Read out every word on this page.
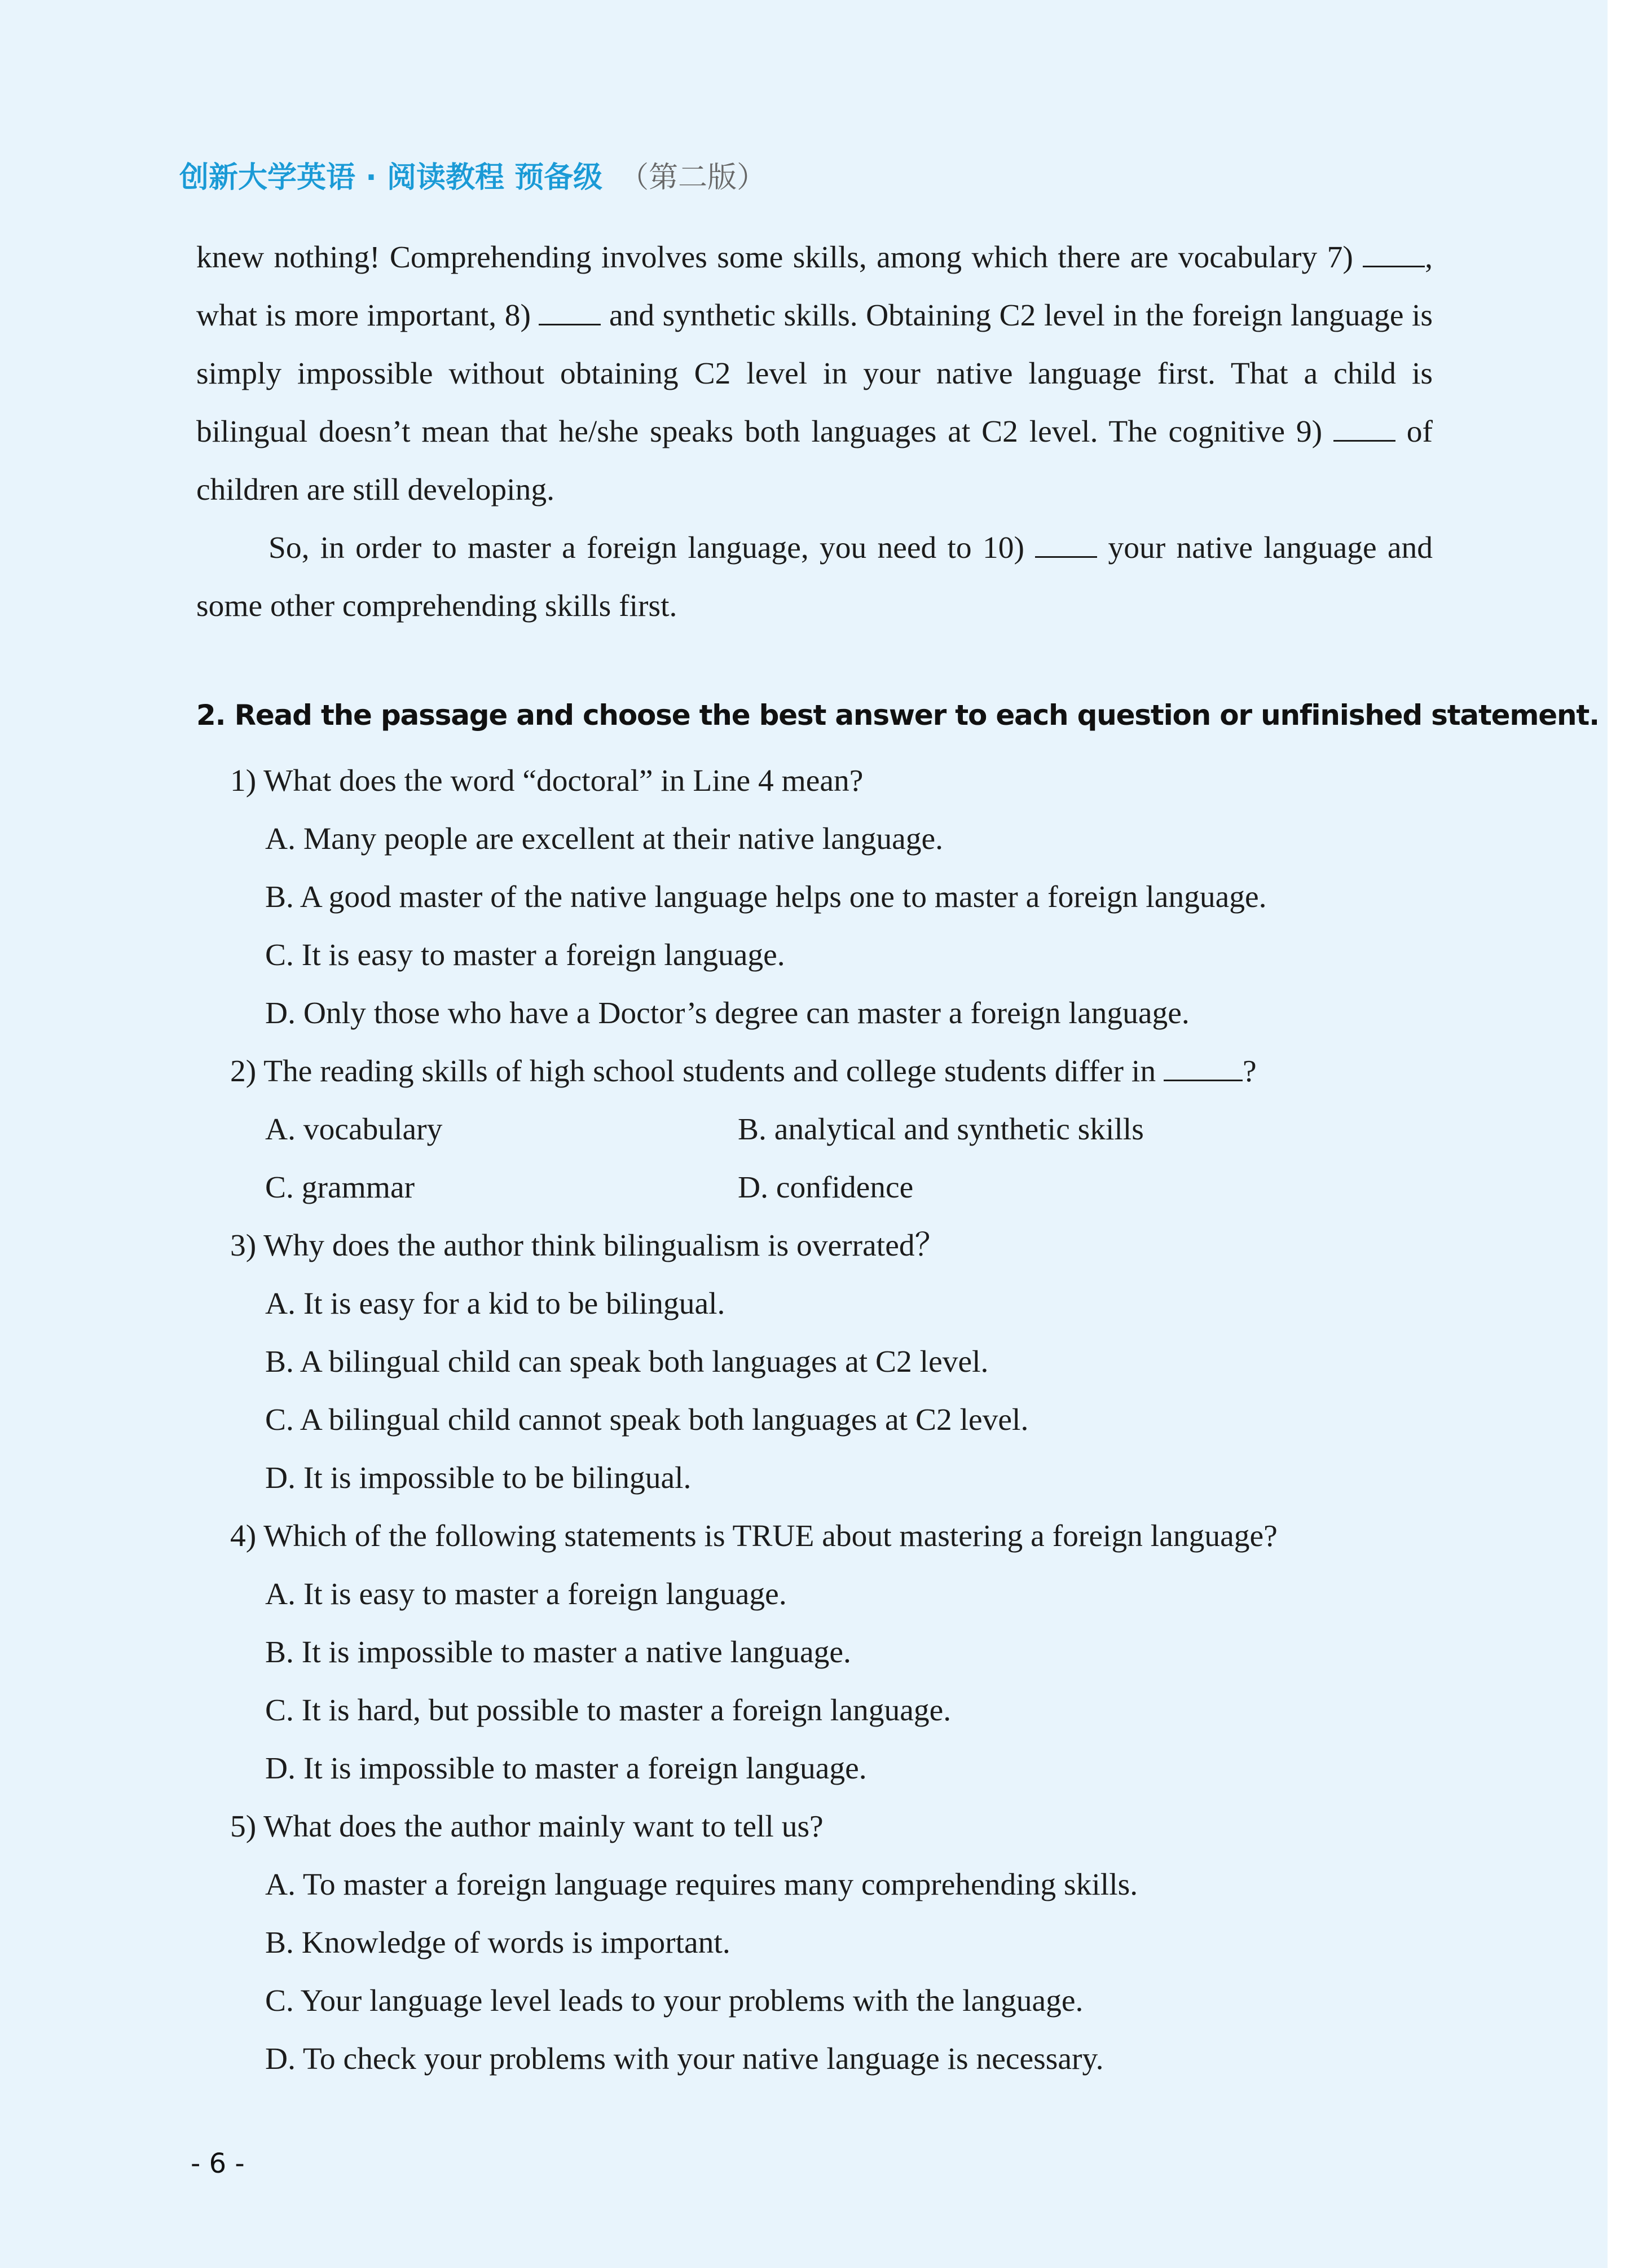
创新大学英语 · 阅读教程 预备级 （第二版）

knew nothing! Comprehending involves some skills, among which there are vocabulary 7) , what is more important, 8)	and synthetic skills. Obtaining C2 level in the foreign language is simply impossible without obtaining C2 level in your native language first. That a child is bilingual doesn’t mean that he/she speaks both languages at C2 level. The cognitive 9)	of children are still developing.

So, in order to master a foreign language, you need to 10)	your native language and some other comprehending skills first.

2. Read the passage and choose the best answer to each question or unfinished statement.

1) What does the word “doctoral” in Line 4 mean?

A. Many people are excellent at their native language.

B. A good master of the native language helps one to master a foreign language.

C. It is easy to master a foreign language.

D. Only those who have a Doctor’s degree can master a foreign language.

2) The reading skills of high school students and college students differ in	?

A. vocabulary	B. analytical and synthetic skills
C. grammar	D. confidence

3) Why does the author think bilingualism is overrated？

A. It is easy for a kid to be bilingual.

B. A bilingual child can speak both languages at C2 level.

C. A bilingual child cannot speak both languages at C2 level.

D. It is impossible to be bilingual.

4) Which of the following statements is TRUE about mastering a foreign language?

A. It is easy to master a foreign language.

B. It is impossible to master a native language.

C. It is hard, but possible to master a foreign language.

D. It is impossible to master a foreign language.

5) What does the author mainly want to tell us?

A. To master a foreign language requires many comprehending skills.

B. Knowledge of words is important.

C. Your language level leads to your problems with the language.

D. To check your problems with your native language is necessary.

- 6 -
